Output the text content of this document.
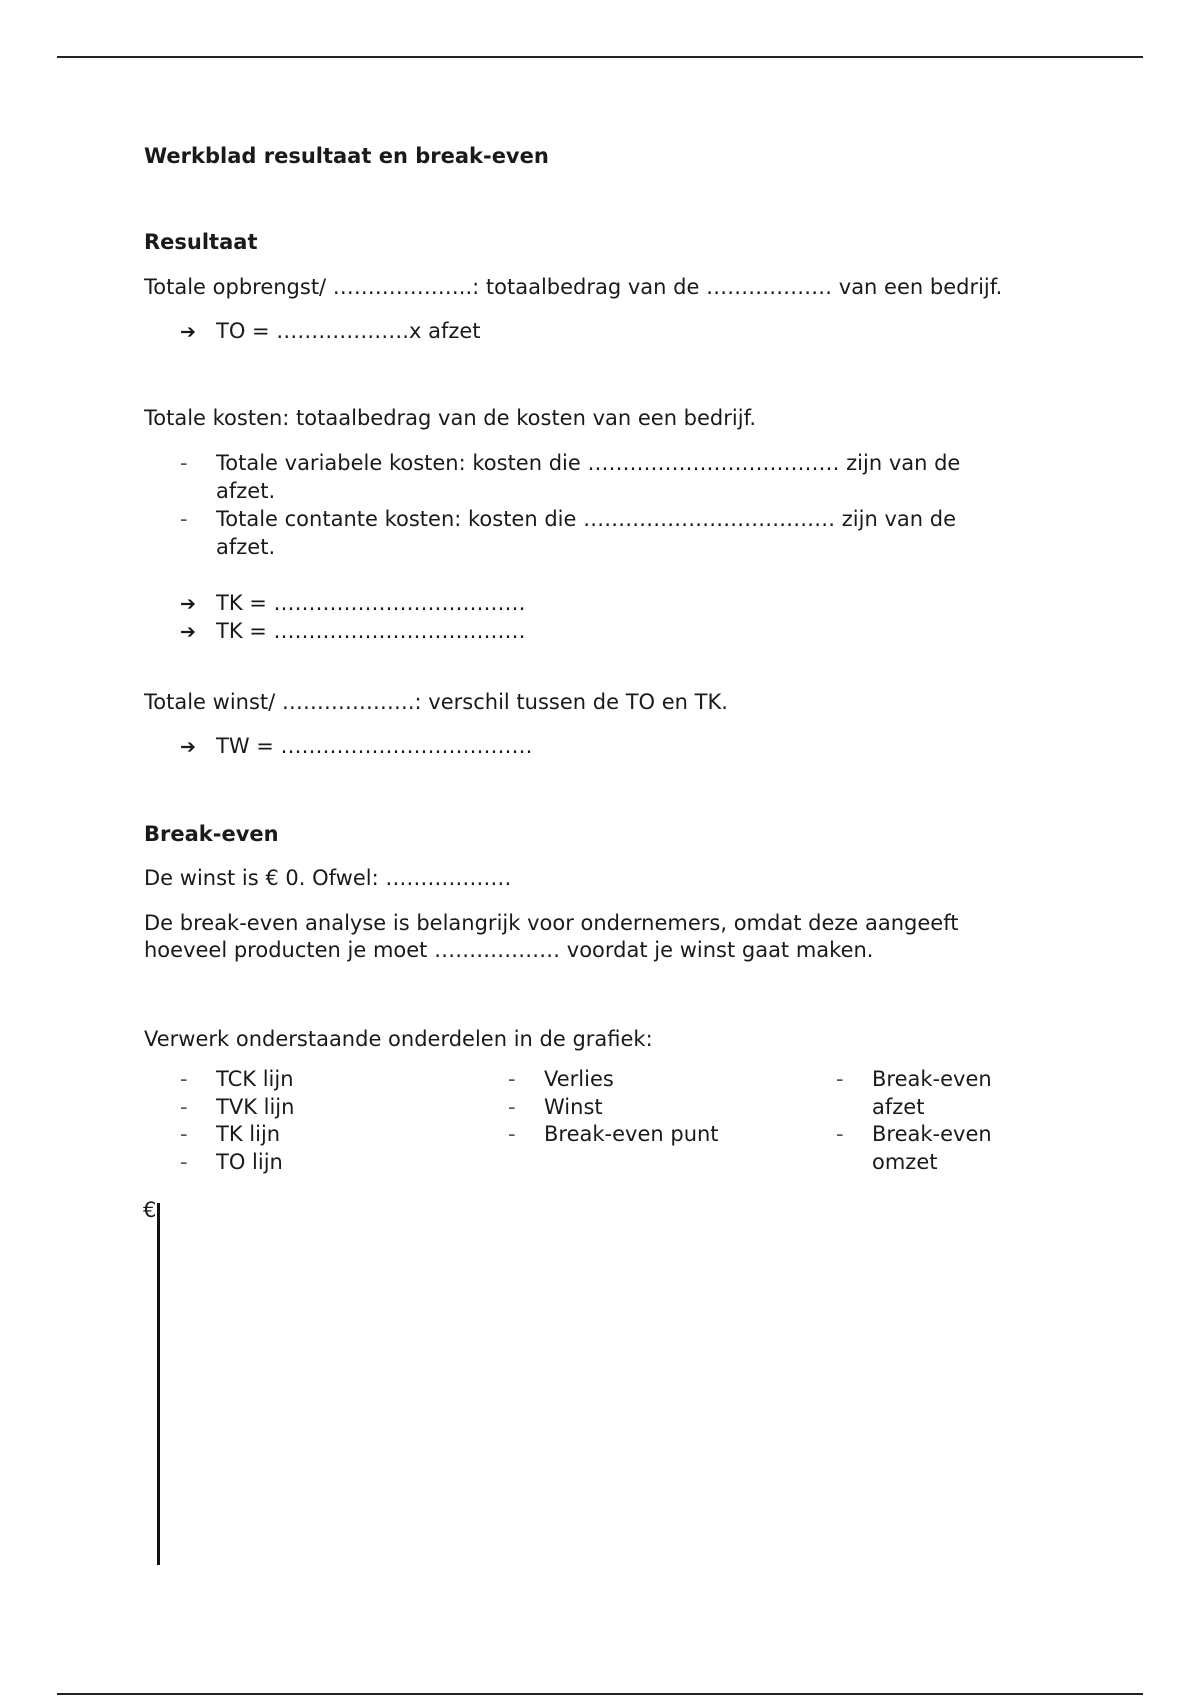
Werkblad resultaat en break-even

Resultaat

Totale opbrengst/ ………………..: totaalbedrag van de ……………… van een bedrijf.

➔ TO = ……………….x afzet

Totale kosten: totaalbedrag van de kosten van een bedrijf.

- Totale variabele kosten: kosten die ……………………………… zijn van de
afzet.
- Totale contante kosten: kosten die ……………………………… zijn van de
afzet.
➔ TK = ………………………………
➔ TK = ………………………………

Totale winst/ ……………….: verschil tussen de TO en TK.

➔ TW = ………………………………

Break-even

De winst is € 0. Ofwel: ………………

De break-even analyse is belangrijk voor ondernemers, omdat deze aangeeft

hoeveel producten je moet ……………… voordat je winst gaat maken.

Verwerk onderstaande onderdelen in de grafiek:

- TCK lijn
- TVK lijn
- TK lijn
- TO lijn
- Verlies
- Winst
- Break-even punt
- Break-even
afzet
- Break-even
omzet
€
